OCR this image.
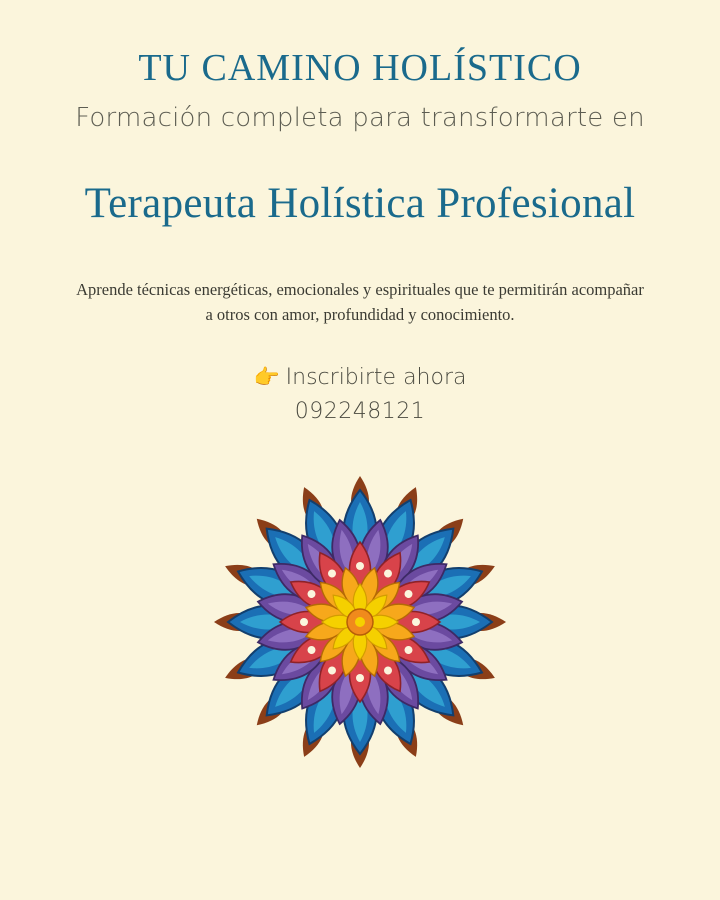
TU CAMINO HOLÍSTICO
Formación completa para transformarte en
Terapeuta Holística Profesional
Aprende técnicas energéticas, emocionales y espirituales que te permitirán acompañar
a otros con amor, profundidad y conocimiento.
👉 Inscribirte ahora
092248121
